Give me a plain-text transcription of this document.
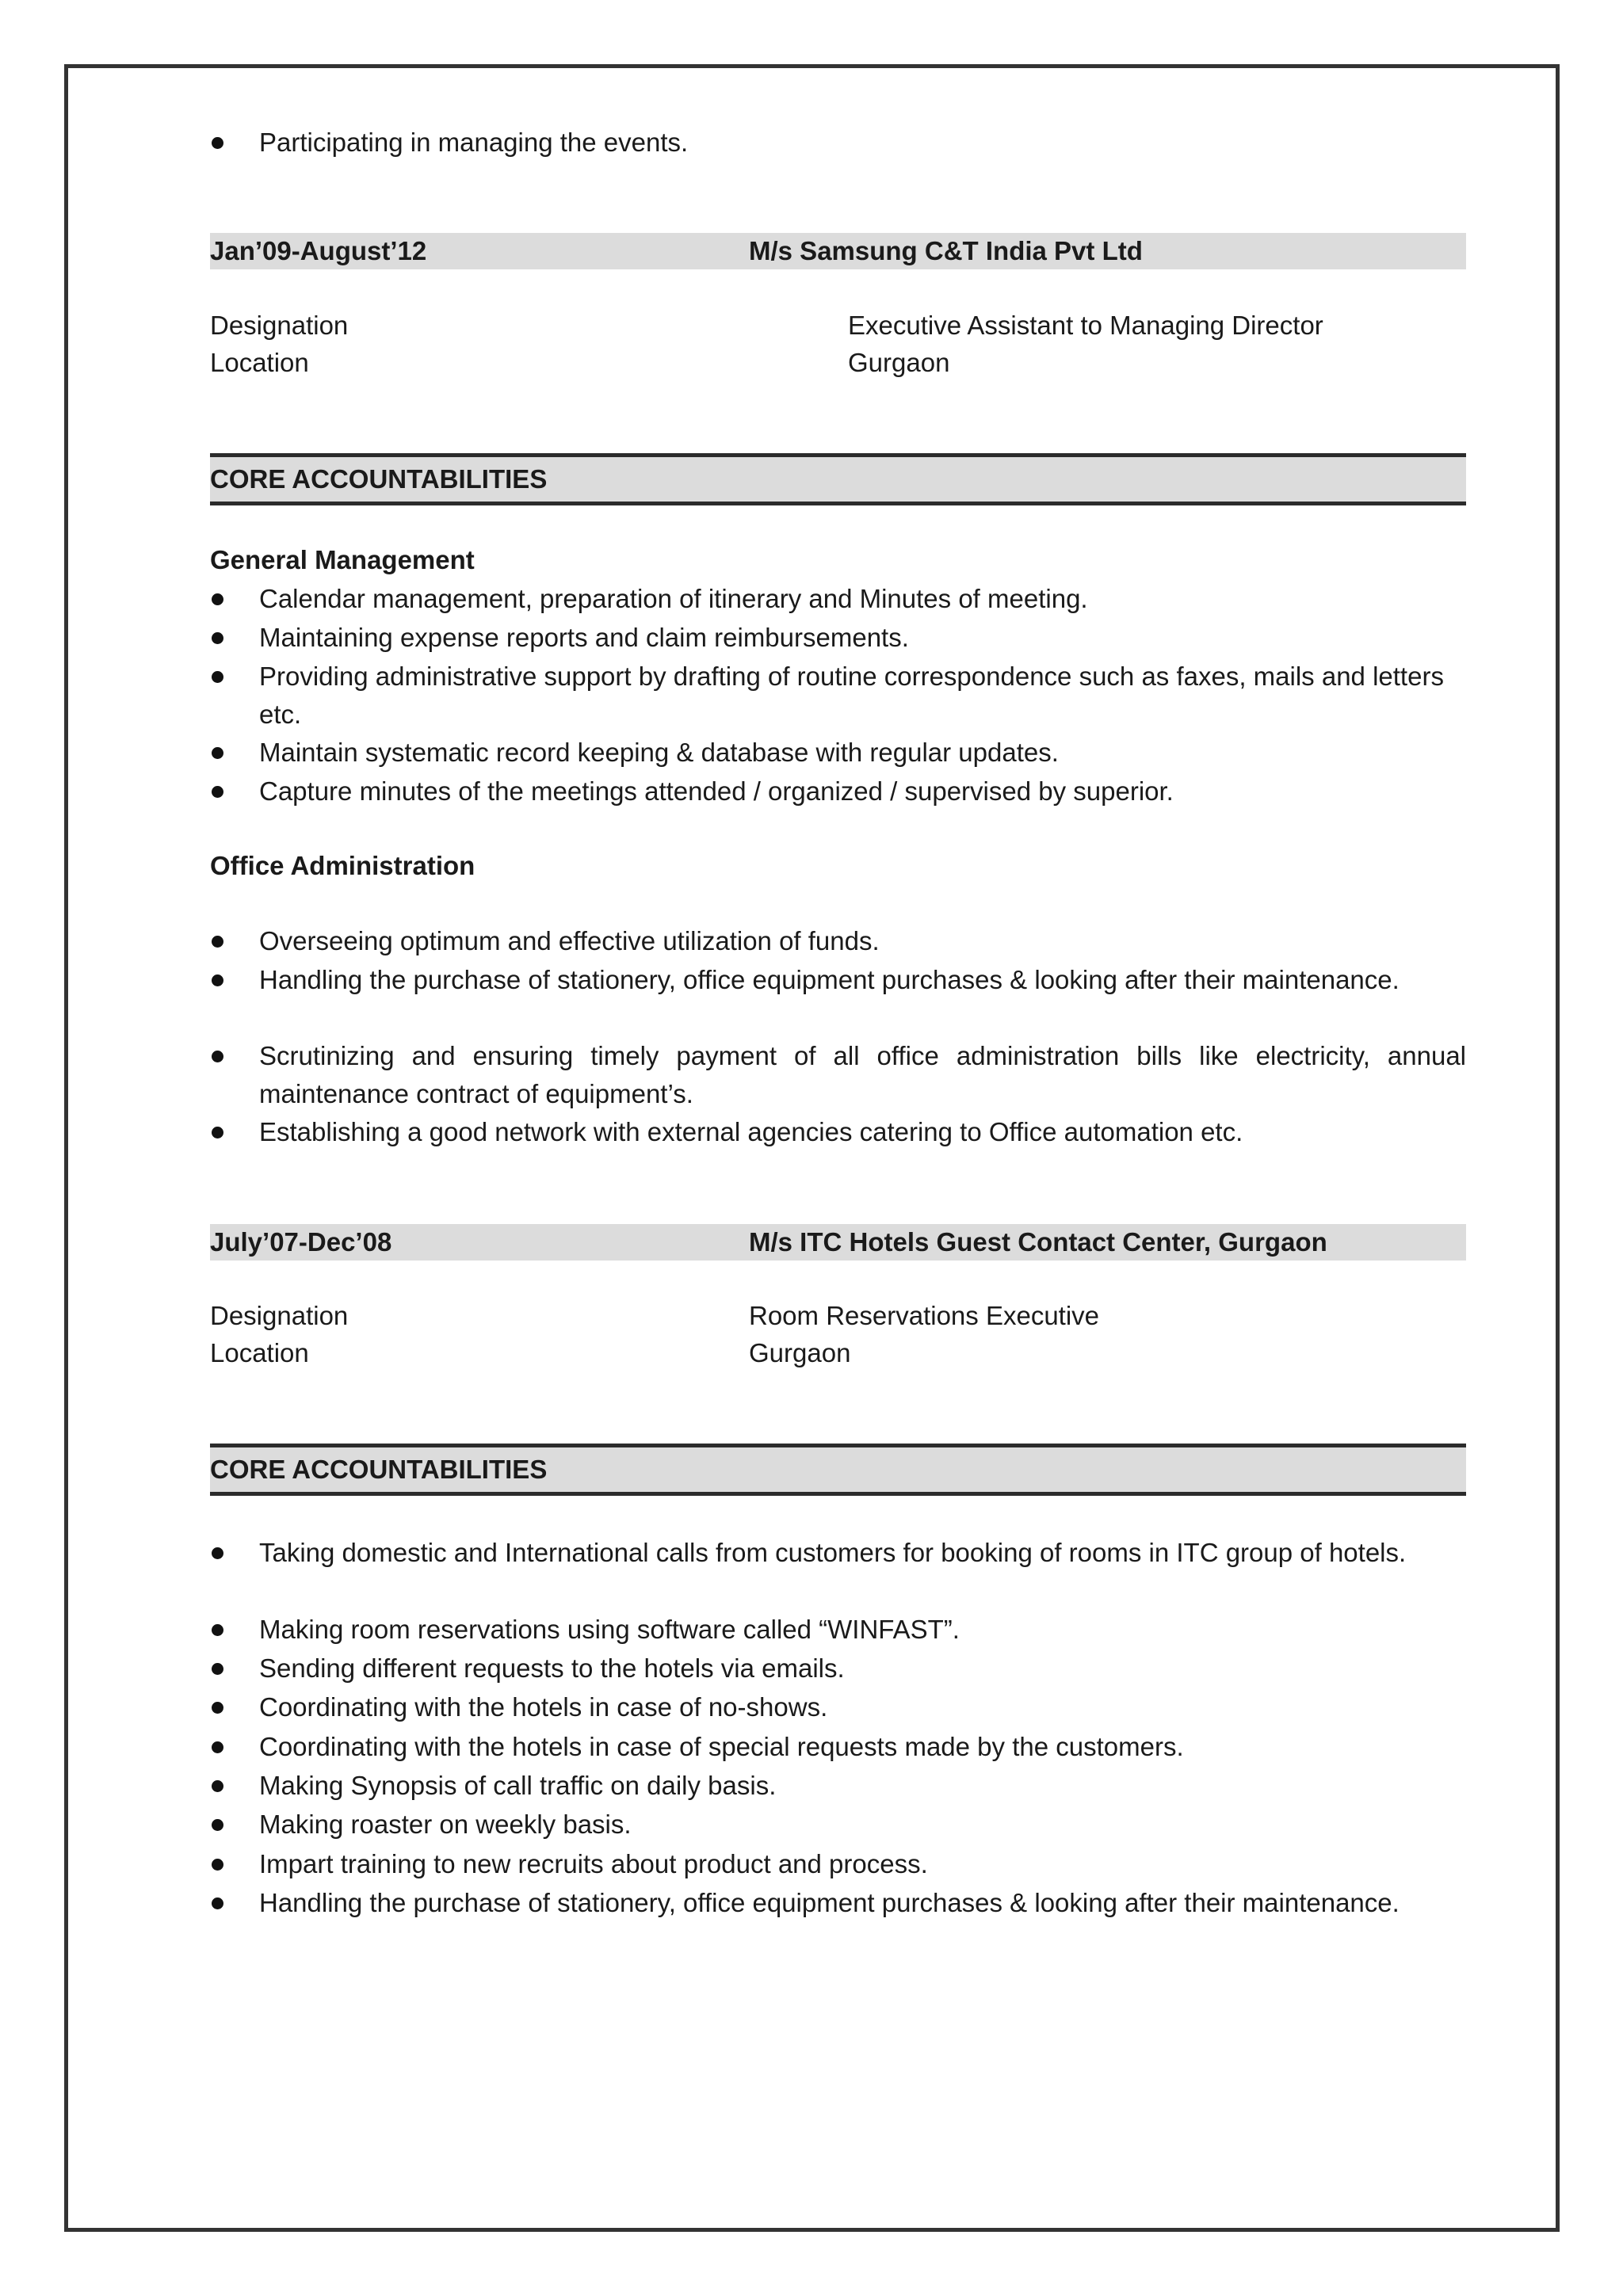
Participating in managing the events.
Jan’09-August’12	M/s Samsung C&T India Pvt Ltd
Designation	Executive Assistant to Managing Director
Location	Gurgaon
CORE ACCOUNTABILITIES
General Management
Calendar management, preparation of itinerary and Minutes of meeting.
Maintaining expense reports and claim reimbursements.
Providing administrative support by drafting of routine correspondence such as faxes, mails and letters etc.
Maintain systematic record keeping & database with regular updates.
Capture minutes of the meetings attended / organized / supervised by superior.
Office Administration
Overseeing optimum and effective utilization of funds.
Handling the purchase of stationery, office equipment purchases & looking after their maintenance.
Scrutinizing and ensuring timely payment of all office administration bills like electricity, annual maintenance contract of equipment’s.
Establishing a good network with external agencies catering to Office automation etc.
July’07-Dec’08	M/s ITC Hotels Guest Contact Center, Gurgaon
Designation	Room Reservations Executive
Location	Gurgaon
CORE ACCOUNTABILITIES
Taking domestic and International calls from customers for booking of rooms in ITC group of hotels.
Making room reservations using software called “WINFAST”.
Sending different requests to the hotels via emails.
Coordinating with the hotels in case of no-shows.
Coordinating with the hotels in case of special requests made by the customers.
Making Synopsis of call traffic on daily basis.
Making roaster on weekly basis.
Impart training to new recruits about product and process.
Handling the purchase of stationery, office equipment purchases & looking after their maintenance.
